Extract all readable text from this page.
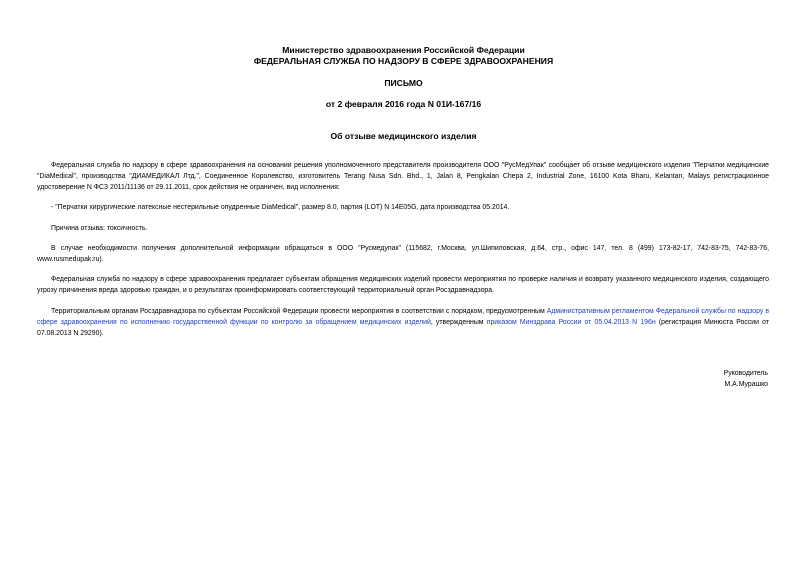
Министерство здравоохранения Российской Федерации
ФЕДЕРАЛЬНАЯ СЛУЖБА ПО НАДЗОРУ В СФЕРЕ ЗДРАВООХРАНЕНИЯ
ПИСЬМО
от 2 февраля 2016 года N 01И-167/16
Об отзыве медицинского изделия
Федеральная служба по надзору в сфере здравоохранения на основании решения уполномоченного представителя производителя ООО "РусМедУпак" сообщает об отзыве медицинского изделия "Перчатки медицинские "DiaMedical", производства "ДИАМЕДИКАЛ Лтд.", Соединенное Королевство, изготовитель Terang Nusa Sdn. Bhd., 1, Jalan 8, Pengkalan Chepa 2, Industrial Zone, 16100 Kota Bharu, Kelantan, Malays регистрационное удостоверение N ФСЗ 2011/11136 от 29.11.2011, срок действия не ограничен, вид исполнения:
- "Перчатки хирургические латексные нестерильные опудренные DiaMedical", размер 8.0, партия (LOT) N 14E05G, дата производства 05.2014.
Причина отзыва: токсичность.
В случае необходимости получения дополнительной информации обращаться в ООО "Русмедупак" (115682, г.Москва, ул.Шипиловская, д.64, стр., офис 147, тел. 8 (499) 173-82-17, 742-83-75, 742-83-76, www.rusmedupak.ru).
Федеральная служба по надзору в сфере здравоохранения предлагает субъектам обращения медицинских изделий провести мероприятия по проверке наличия и возврату указанного медицинского изделия, создающего угрозу причинения вреда здоровью граждан, и о результатах проинформировать соответствующий территориальный орган Росздравнадзора.
Территориальным органам Росздравнадзора по субъектам Российской Федерации провести мероприятия в соответствии с порядком, предусмотренным Административным регламентом Федеральной службы по надзору в сфере здравоохранения по исполнению государственной функции по контролю за обращением медицинских изделий, утвержденным приказом Минздрава России от 05.04.2013 N 196н (регистрация Минюста России от 07.08.2013 N 29290).
Руководитель
М.А.Мурашко
